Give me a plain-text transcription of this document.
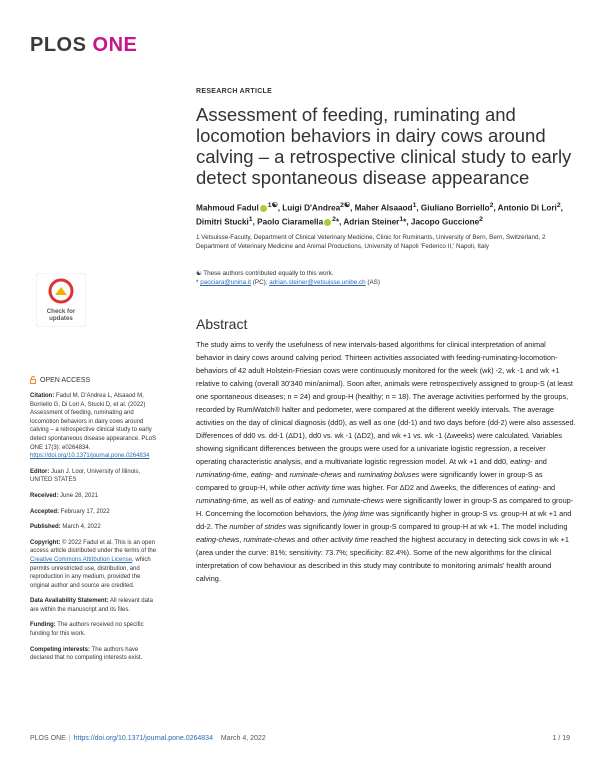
PLOS ONE
RESEARCH ARTICLE
Assessment of feeding, ruminating and locomotion behaviors in dairy cows around calving – a retrospective clinical study to early detect spontaneous disease appearance
Mahmoud Fadul $^{1☯}$, Luigi D'Andrea$^{2☯}$, Maher Alsaaod$^1$, Giuliano Borriello$^2$, Antonio Di Lori$^2$, Dimitri Stucki$^1$, Paolo Ciaramella $^2$*, Adrian Steiner$^1$*, Jacopo Guccione$^2$
1 Vetsuisse-Faculty, Department of Clinical Veterinary Medicine, Clinic for Ruminants, University of Bern, Bern, Switzerland, 2 Department of Veterinary Medicine and Animal Productions, University of Napoli 'Federico II,' Napoli, Italy
☯ These authors contributed equally to this work.
* paociara@unina.it (PC); adrian.steiner@vetsuisse.unibe.ch (AS)
Abstract
The study aims to verify the usefulness of new intervals-based algorithms for clinical interpretation of animal behavior in dairy cows around calving period. Thirteen activities associated with feeding-ruminating-locomotion-behaviors of 42 adult Holstein-Friesian cows were continuously monitored for the week (wk) -2, wk -1 and wk +1 relative to calving (overall 30'340 min/animal). Soon after, animals were retrospectively assigned to group-S (at least one spontaneous diseases; n = 24) and group-H (healthy; n = 18). The average activities performed by the groups, recorded by RumiWatch® halter and pedometer, were compared at the different weekly intervals. The average activities on the day of clinical diagnosis (dd0), as well as one (dd-1) and two days before (dd-2) were also assessed. Differences of dd0 vs. dd-1 (ΔD1), dd0 vs. wk -1 (ΔD2), and wk +1 vs. wk -1 (Δweeks) were calculated. Variables showing significant differences between the groups were used for a univariate logistic regression, a receiver operating characteristic analysis, and a multivariate logistic regression model. At wk +1 and dd0, eating- and ruminating-time, eating- and ruminate-chews and ruminating boluses were significantly lower in group-S as compared to group-H, while other activity time was higher. For ΔD2 and Δweeks, the differences of eating- and ruminating-time, as well as of eating- and ruminate-chews were significantly lower in group-S as compared to group-H. Concerning the locomotion behaviors, the lying time was significantly higher in group-S vs. group-H at wk +1 and dd-2. The number of strides was significantly lower in group-S compared to group-H at wk +1. The model including eating-chews, ruminate-chews and other activity time reached the highest accuracy in detecting sick cows in wk +1 (area under the curve: 81%; sensitivity: 73.7%; specificity: 82.4%). Some of the new algorithms for the clinical interpretation of cow behaviour as described in this study may contribute to monitoring animals' health around calving.
Check for
updates
OPEN ACCESS

Citation: Fadul M, D'Andrea L, Alsaaod M, Borriello G, Di Lori A, Stucki D, et al. (2022) Assessment of feeding, ruminating and locomotion behaviors in dairy cows around calving – a retrospective clinical study to early detect spontaneous disease appearance. PLoS ONE 17(3): e0264834. https://doi.org/10.1371/journal.pone.0264834

Editor: Juan J. Loor, University of Illinois, UNITED STATES

Received: June 28, 2021

Accepted: February 17, 2022

Published: March 4, 2022

Copyright: © 2022 Fadul et al. This is an open access article distributed under the terms of the Creative Commons Attribution License, which permits unrestricted use, distribution, and reproduction in any medium, provided the original author and source are credited.

Data Availability Statement: All relevant data are within the manuscript and its files.

Funding: The authors received no specific funding for this work.

Competing interests: The authors have declared that no competing interests exist.

PLOS ONE | https://doi.org/10.1371/journal.pone.0264834 March 4, 2022	1 / 19
